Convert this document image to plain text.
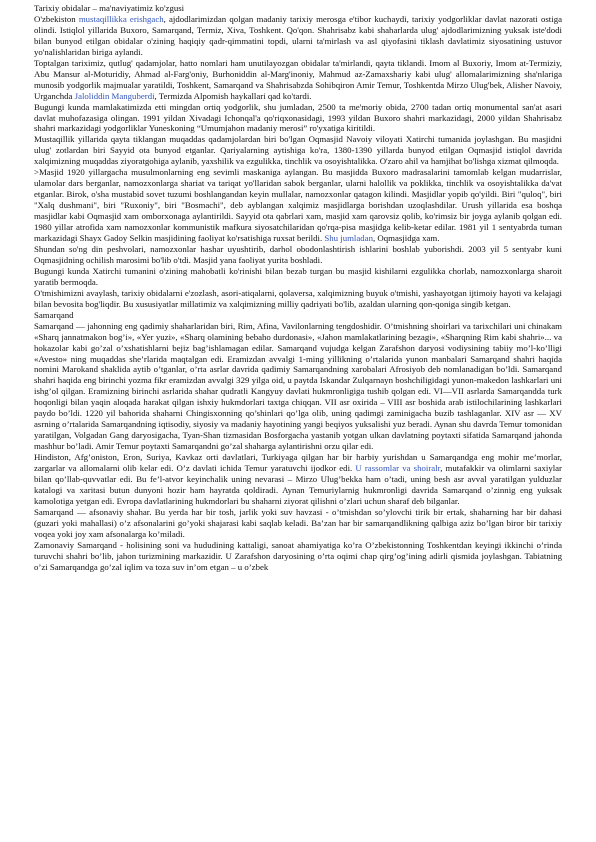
Tarixiy obidalar – ma'naviyatimiz ko'zgusi

O'zbekiston mustaqillikka erishgach, ajdodlarimizdan qolgan madaniy tarixiy merosga e'tibor kuchaydi, tarixiy yodgorliklar davlat nazorati ostiga olindi. Istiqlol yillarida Buxoro, Samarqand, Termiz, Xiva, Toshkent. Qo'qon. Shahrisabz kabi shaharlarda ulug' ajdodlarimizning yuksak iste'dodi bilan bunyod etilgan obidalar o'zining haqiqiy qadr-qimmatini topdi, ularni ta'mirlash va asl qiyofasini tiklash davlatimiz siyosatining ustuvor yo'nalishlaridan biriga aylandi.

Toptalgan tariximiz, qutlug' qadamjolar, hatto nomlari ham unutilayozgan obidalar ta'mirlandi, qayta tiklandi. Imom al Buxoriy, Imom at-Termiziy, Abu Mansur al-Moturidiy, Ahmad al-Farg'oniy, Burhoniddin al-Marg'inoniy, Mahmud az-Zamaxshariy kabi ulug' allomalarimizning sha'nlariga munosib yodgorlik majmualar yaratildi, Toshkent, Samarqand va Shahrisabzda Sohibqiron Amir Temur, Toshkentda Mirzo Ulug'bek, Alisher Navoiy, Urganchda Jaloliddin Manguberdi, Termizda Alpomish haykallari qad ko'tardi.

Bugungi kunda mamlakatimizda etti mingdan ortiq yodgorlik, shu jumladan, 2500 ta me'moriy obida, 2700 tadan ortiq monumental san'at asari davlat muhofazasiga olingan. 1991 yildan Xivadagi Ichonqal'a qo'riqxonasidagi, 1993 yildan Buxoro shahri markazidagi, 2000 yildan Shahrisabz shahri markazidagi yodgorliklar Yuneskoning “Umumjahon madaniy merosi” ro'yxatiga kiritildi.

Mustaqillik yillarida qayta tiklangan muqaddas qadamjolardan biri bo'lgan Oqmasjid Navoiy viloyati Xatirchi tumanida joylashgan. Bu masjidni ulug' zotlardan biri Sayyid ota bunyod etganlar. Qariyalarning aytishiga ko'ra, 1380-1390 yillarda bunyod etilgan Oqmasjid istiqlol davrida xalqimizning muqaddas ziyoratgohiga aylanib, yaxshilik va ezgulikka, tinchlik va osoyishtalikka. O'zaro ahil va hamjihat bo'lishga xizmat qilmoqda.

>Masjid 1920 yillargacha musulmonlarning eng sevimli maskaniga aylangan. Bu masjidda Buxoro madrasalarini tamomlab kelgan mudarrislar, ulamolar dars berganlar, namozxonlarga shariat va tariqat yo'llaridan sabok berganlar, ularni halollik va poklikka, tinchlik va osoyishtalikka da'vat etganlar. Birok, o'sha mustabid sovet tuzumi boshlangandan keyin mullalar, namozxonlar qatagon kilindi. Masjidlar yopib qo'yildi. Biri "quloq", biri "Xalq dushmani", biri "Ruxoniy", biri "Bosmachi", deb ayblangan xalqimiz masjidlarga borishdan uzoqlashdilar. Urush yillarida esa boshqa masjidlar kabi Oqmasjid xam omborxonaga aylantirildi. Sayyid ota qabrlari xam, masjid xam qarovsiz qolib, ko'rimsiz bir joyga aylanib qolgan edi. 1980 yillar atrofida xam namozxonlar kommunistik mafkura siyosatchilaridan qo'rqa-pisa masjidga kelib-ketar edilar. 1981 yil 1 sentyabrda tuman markazidagi Shayx Gadoy Selkin masjidining faoliyat ko'rsatishiga ruxsat berildi. Shu jumladan, Oqmasjidga xam.

Shundan so'ng din peshvolari, namozxonlar hashar uyushtirib, darhol obodonlashtirish ishlarini boshlab yuborishdi. 2003 yil 5 sentyabr kuni Oqmasjidning ochilish marosimi bo'lib o'tdi. Masjid yana faoliyat yurita boshladi.

Bugungi kunda Xatirchi tumanini o'zining mahobatli ko'rinishi bilan bezab turgan bu masjid kishilarni ezgulikka chorlab, namozxonlarga sharoit yaratib bermoqda.

O'tmishimizni avaylash, tarixiy obidalarni e'zozlash, asori-atiqalarni, qolaversa, xalqimizning buyuk o'tmishi, yashayotgan ijtimoiy hayoti va kelajagi bilan bevosita bog'liqdir. Bu xususiyatlar millatimiz va xalqimizning milliy qadriyati bo'lib, azaldan ularning qon-qoniga singib ketgan.

Samarqand

Samarqand — jahonning eng qadimiy shaharlaridan biri, Rim, Afina, Vavilonlarning tengdoshidir. O’tmishning shoirlari va tarixchilari uni chinakam «Sharq jannatmakon bog’i», «Yer yuzi», «Sharq olamining bebaho durdonasi», «Jahon mamlakatlarining bezagi», «Sharqning Rim kabi shahri»... va hokazolar kabi go’zal o’xshatishlarni bejiz bag’ishlamagan edilar. Samarqand vujudga kelgan Zarafshon daryosi vodiysining tabiiy mo’l-ko’lligi «Avesto» ning muqaddas she’rlarida maqtalgan edi. Eramizdan avvalgi 1-ming yillikning o’rtalarida yunon manbalari Samarqand shahri haqida nomini Marokand shaklida aytib o’tganlar, o’rta asrlar davrida qadimiy Samarqandning xarobalari Afrosiyob deb nomlanadigan bo’ldi. Samarqand shahri haqida eng birinchi yozma fikr eramizdan avvalgi 329 yilga oid, u paytda Iskandar Zulqarnayn boshchiligidagi yunon-makedon lashkarlari uni ishg’ol qilgan. Eramizning birinchi asrlarida shahar qudratli Kangyuy davlati hukmronligiga tushib qolgan edi. VI—VII asrlarda Samarqandda turk hoqonligi bilan yaqin aloqada harakat qilgan ishxiy hukmdorlari taxtga chiqqan. VII asr oxirida – VIII asr boshida arab istilochilarining lashkarlari paydo bo’ldi. 1220 yil bahorida shaharni Chingisxonning qo’shinlari qo’lga olib, uning qadimgi zaminigacha buzib tashlaganlar. XIV asr — XV asrning o’rtalarida Samarqandning iqtisodiy, siyosiy va madaniy hayotining yangi beqiyos yuksalishi yuz beradi. Aynan shu davrda Temur tomonidan yaratilgan, Volgadan Gang daryosigacha, Tyan-Shan tizmasidan Bosforgacha yastanib yotgan ulkan davlatning poytaxti sifatida Samarqand jahonda mashhur bo’ladi. Amir Temur poytaxti Samarqandni go’zal shaharga aylantirishni orzu qilar edi.

Hindiston, Afg’oniston, Eron, Suriya, Kavkaz orti davlatlari, Turkiyaga qilgan har bir harbiy yurishdan u Samarqandga eng mohir me’morlar, zargarlar va allomalarni olib kelar edi. O’z davlati ichida Temur yaratuvchi ijodkor edi. U rassomlar va shoiralr, mutafakkir va olimlarni saxiylar bilan qo’llab-quvvatlar edi. Bu fe’l-atvor keyinchalik uning nevarasi – Mirzo Ulug’bekka ham o’tadi, uning besh asr avval yaratilgan yulduzlar katalogi va xaritasi butun dunyoni hozir ham hayratda qoldiradi. Aynan Temuriylarnig hukmronligi davrida Samarqand o’zinnig eng yuksak kamolotiga yetgan edi. Evropa davlatlarining hukmdorlari bu shaharni ziyorat qilishni o’zlari uchun sharaf deb bilganlar.

Samarqand — afsonaviy shahar. Bu yerda har bir tosh, jarlik yoki suv havzasi - o’tmishdan so’ylovchi tirik bir ertak, shaharning har bir dahasi (guzari yoki mahallasi) o’z afsonalarini go’yoki shajarasi kabi saqlab keladi. Ba’zan har bir samarqandlikning qalbiga aziz bo’lgan biror bir tarixiy voqea yoki joy xam afsonalarga ko’miladi.

Zamonaviy Samarqand - holisining soni va hududining kattaligi, sanoat ahamiyatiga ko’ra O’zbekistonning Toshkentdan keyingi ikkinchi o’rinda turuvchi shahri bo’lib, jahon turizmining markazidir. U Zarafshon daryosining o’rta oqimi chap qirg’og’ining adirli qismida joylashgan. Tabiatning o’zi Samarqandga go’zal iqlim va toza suv in’om etgan – u o’zbek
